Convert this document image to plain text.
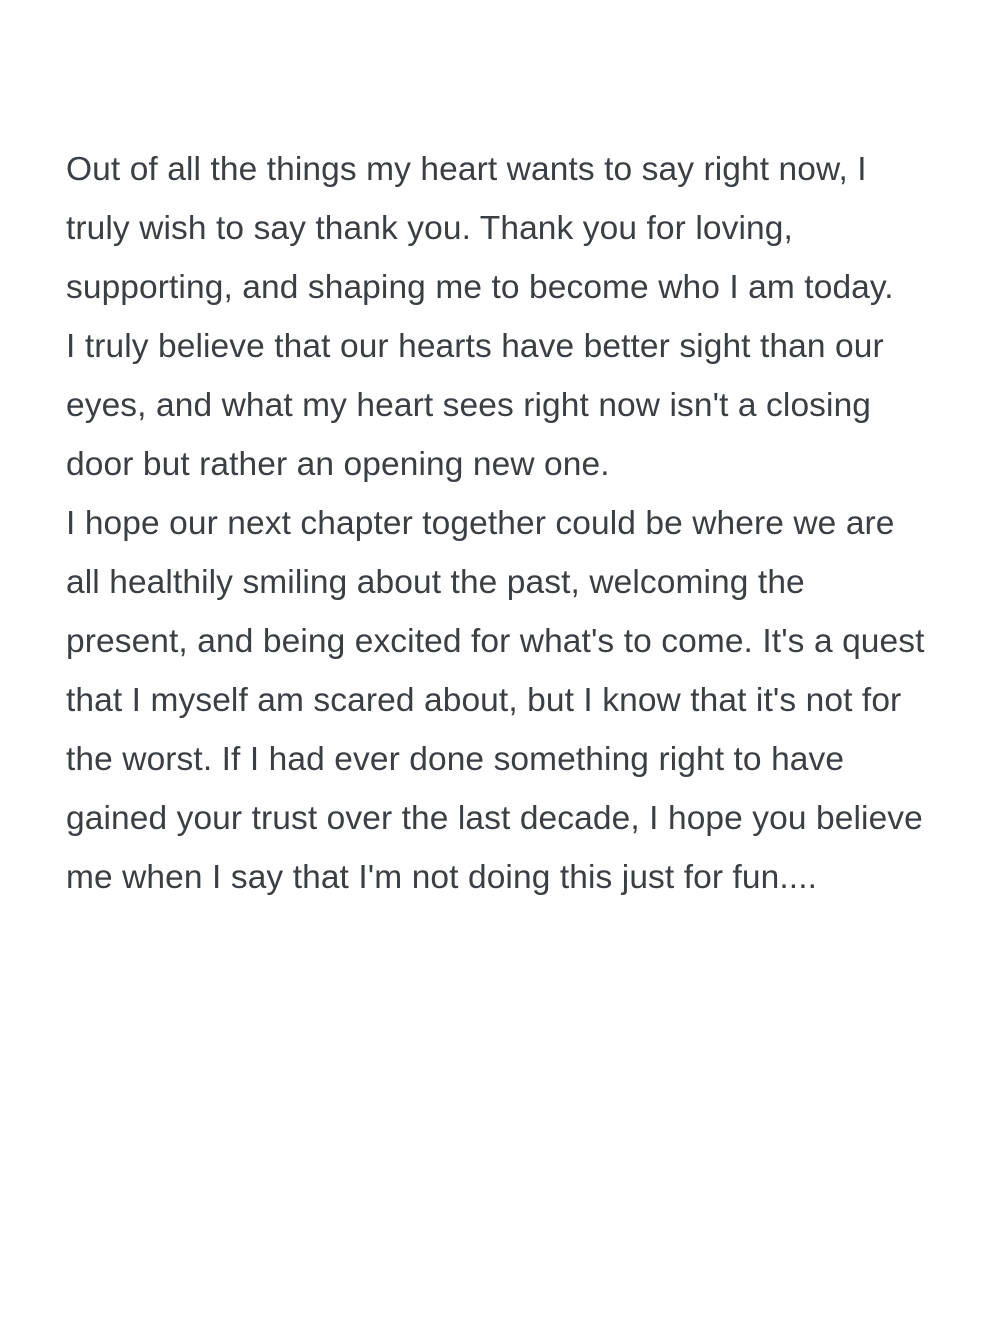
Out of all the things my heart wants to say right now, I truly wish to say thank you. Thank you for loving, supporting, and shaping me to become who I am today.

I truly believe that our hearts have better sight than our eyes, and what my heart sees right now isn't a closing door but rather an opening new one.

I hope our next chapter together could be where we are all healthily smiling about the past, welcoming the present, and being excited for what's to come. It's a quest that I myself am scared about, but I know that it's not for the worst. If I had ever done something right to have gained your trust over the last decade, I hope you believe me when I say that I'm not doing this just for fun....
